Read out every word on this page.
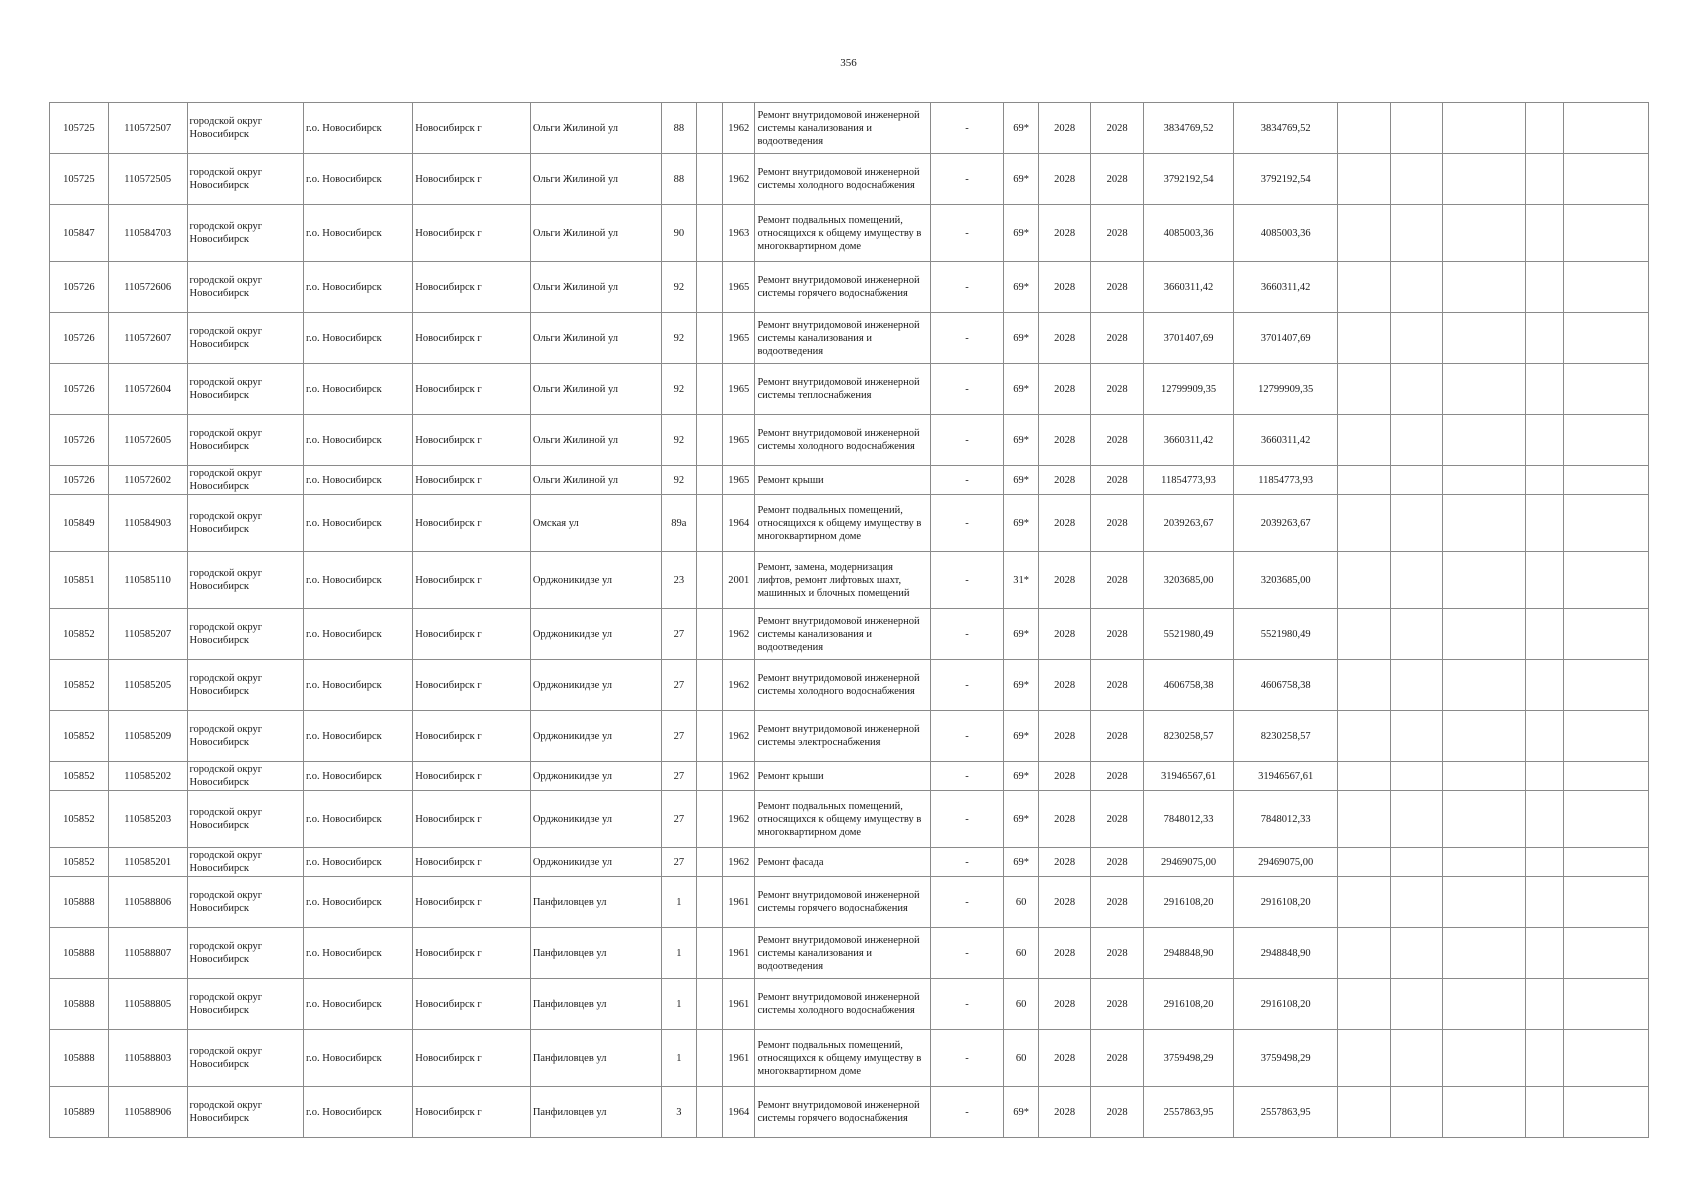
356
105725	110572507	городской округ Новосибирск	г.о. Новосибирск	Новосибирск г	Ольги Жилиной ул	88		1962	Ремонт внутридомовой инженерной системы канализования и водоотведения	-	69*	2028	2028	3834769,52	3834769,52					
105725	110572505	городской округ Новосибирск	г.о. Новосибирск	Новосибирск г	Ольги Жилиной ул	88		1962	Ремонт внутридомовой инженерной системы холодного водоснабжения	-	69*	2028	2028	3792192,54	3792192,54					
105847	110584703	городской округ Новосибирск	г.о. Новосибирск	Новосибирск г	Ольги Жилиной ул	90		1963	Ремонт подвальных помещений, относящихся к общему имуществу в многоквартирном доме	-	69*	2028	2028	4085003,36	4085003,36					
105726	110572606	городской округ Новосибирск	г.о. Новосибирск	Новосибирск г	Ольги Жилиной ул	92		1965	Ремонт внутридомовой инженерной системы горячего водоснабжения	-	69*	2028	2028	3660311,42	3660311,42					
105726	110572607	городской округ Новосибирск	г.о. Новосибирск	Новосибирск г	Ольги Жилиной ул	92		1965	Ремонт внутридомовой инженерной системы канализования и водоотведения	-	69*	2028	2028	3701407,69	3701407,69					
105726	110572604	городской округ Новосибирск	г.о. Новосибирск	Новосибирск г	Ольги Жилиной ул	92		1965	Ремонт внутридомовой инженерной системы теплоснабжения	-	69*	2028	2028	12799909,35	12799909,35					
105726	110572605	городской округ Новосибирск	г.о. Новосибирск	Новосибирск г	Ольги Жилиной ул	92		1965	Ремонт внутридомовой инженерной системы холодного водоснабжения	-	69*	2028	2028	3660311,42	3660311,42					
105726	110572602	городской округ Новосибирск	г.о. Новосибирск	Новосибирск г	Ольги Жилиной ул	92		1965	Ремонт крыши	-	69*	2028	2028	11854773,93	11854773,93					
105849	110584903	городской округ Новосибирск	г.о. Новосибирск	Новосибирск г	Омская ул	89а		1964	Ремонт подвальных помещений, относящихся к общему имуществу в многоквартирном доме	-	69*	2028	2028	2039263,67	2039263,67					
105851	110585110	городской округ Новосибирск	г.о. Новосибирск	Новосибирск г	Орджоникидзе ул	23		2001	Ремонт, замена, модернизация лифтов, ремонт лифтовых шахт, машинных и блочных помещений	-	31*	2028	2028	3203685,00	3203685,00					
105852	110585207	городской округ Новосибирск	г.о. Новосибирск	Новосибирск г	Орджоникидзе ул	27		1962	Ремонт внутридомовой инженерной системы канализования и водоотведения	-	69*	2028	2028	5521980,49	5521980,49					
105852	110585205	городской округ Новосибирск	г.о. Новосибирск	Новосибирск г	Орджоникидзе ул	27		1962	Ремонт внутридомовой инженерной системы холодного водоснабжения	-	69*	2028	2028	4606758,38	4606758,38					
105852	110585209	городской округ Новосибирск	г.о. Новосибирск	Новосибирск г	Орджоникидзе ул	27		1962	Ремонт внутридомовой инженерной системы электроснабжения	-	69*	2028	2028	8230258,57	8230258,57					
105852	110585202	городской округ Новосибирск	г.о. Новосибирск	Новосибирск г	Орджоникидзе ул	27		1962	Ремонт крыши	-	69*	2028	2028	31946567,61	31946567,61					
105852	110585203	городской округ Новосибирск	г.о. Новосибирск	Новосибирск г	Орджоникидзе ул	27		1962	Ремонт подвальных помещений, относящихся к общему имуществу в многоквартирном доме	-	69*	2028	2028	7848012,33	7848012,33					
105852	110585201	городской округ Новосибирск	г.о. Новосибирск	Новосибирск г	Орджоникидзе ул	27		1962	Ремонт фасада	-	69*	2028	2028	29469075,00	29469075,00					
105888	110588806	городской округ Новосибирск	г.о. Новосибирск	Новосибирск г	Панфиловцев ул	1		1961	Ремонт внутридомовой инженерной системы горячего водоснабжения	-	60	2028	2028	2916108,20	2916108,20					
105888	110588807	городской округ Новосибирск	г.о. Новосибирск	Новосибирск г	Панфиловцев ул	1		1961	Ремонт внутридомовой инженерной системы канализования и водоотведения	-	60	2028	2028	2948848,90	2948848,90					
105888	110588805	городской округ Новосибирск	г.о. Новосибирск	Новосибирск г	Панфиловцев ул	1		1961	Ремонт внутридомовой инженерной системы холодного водоснабжения	-	60	2028	2028	2916108,20	2916108,20					
105888	110588803	городской округ Новосибирск	г.о. Новосибирск	Новосибирск г	Панфиловцев ул	1		1961	Ремонт подвальных помещений, относящихся к общему имуществу в многоквартирном доме	-	60	2028	2028	3759498,29	3759498,29					
105889	110588906	городской округ Новосибирск	г.о. Новосибирск	Новосибирск г	Панфиловцев ул	3		1964	Ремонт внутридомовой инженерной системы горячего водоснабжения	-	69*	2028	2028	2557863,95	2557863,95					
